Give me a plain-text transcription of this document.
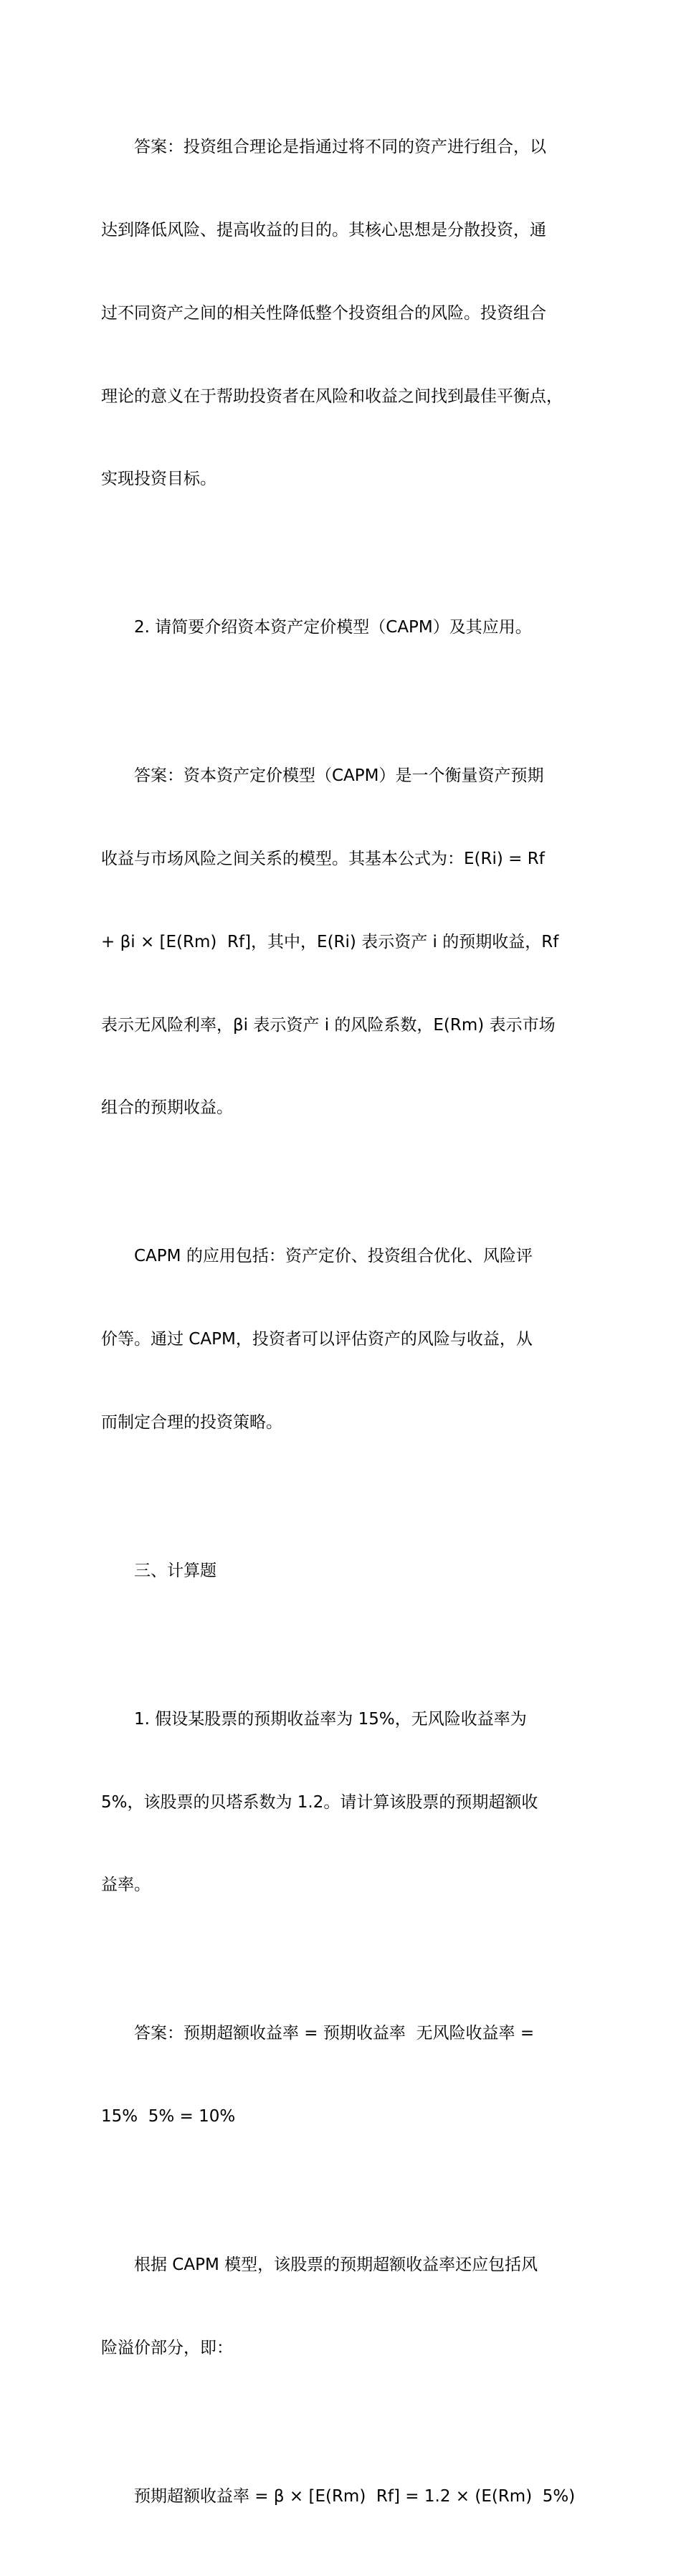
答案：投资组合理论是指通过将不同的资产进行组合，以

达到降低风险、提高收益的目的。其核心思想是分散投资，通

过不同资产之间的相关性降低整个投资组合的风险。投资组合

理论的意义在于帮助投资者在风险和收益之间找到最佳平衡点，

实现投资目标。

2. 请简要介绍资本资产定价模型（CAPM）及其应用。

答案：资本资产定价模型（CAPM）是一个衡量资产预期

收益与市场风险之间关系的模型。其基本公式为：E(Ri) = Rf

+ βi × [E(Rm)  Rf]，其中，E(Ri) 表示资产 i 的预期收益，Rf

表示无风险利率，βi 表示资产 i 的风险系数，E(Rm) 表示市场

组合的预期收益。

CAPM 的应用包括：资产定价、投资组合优化、风险评

价等。通过 CAPM，投资者可以评估资产的风险与收益，从

而制定合理的投资策略。

三、计算题

1. 假设某股票的预期收益率为 15%，无风险收益率为

5%，该股票的贝塔系数为 1.2。请计算该股票的预期超额收

益率。

答案：预期超额收益率 = 预期收益率  无风险收益率 =

15%  5% = 10%

根据 CAPM 模型，该股票的预期超额收益率还应包括风

险溢价部分，即：

预期超额收益率 = β × [E(Rm)  Rf] = 1.2 × (E(Rm)  5%)
